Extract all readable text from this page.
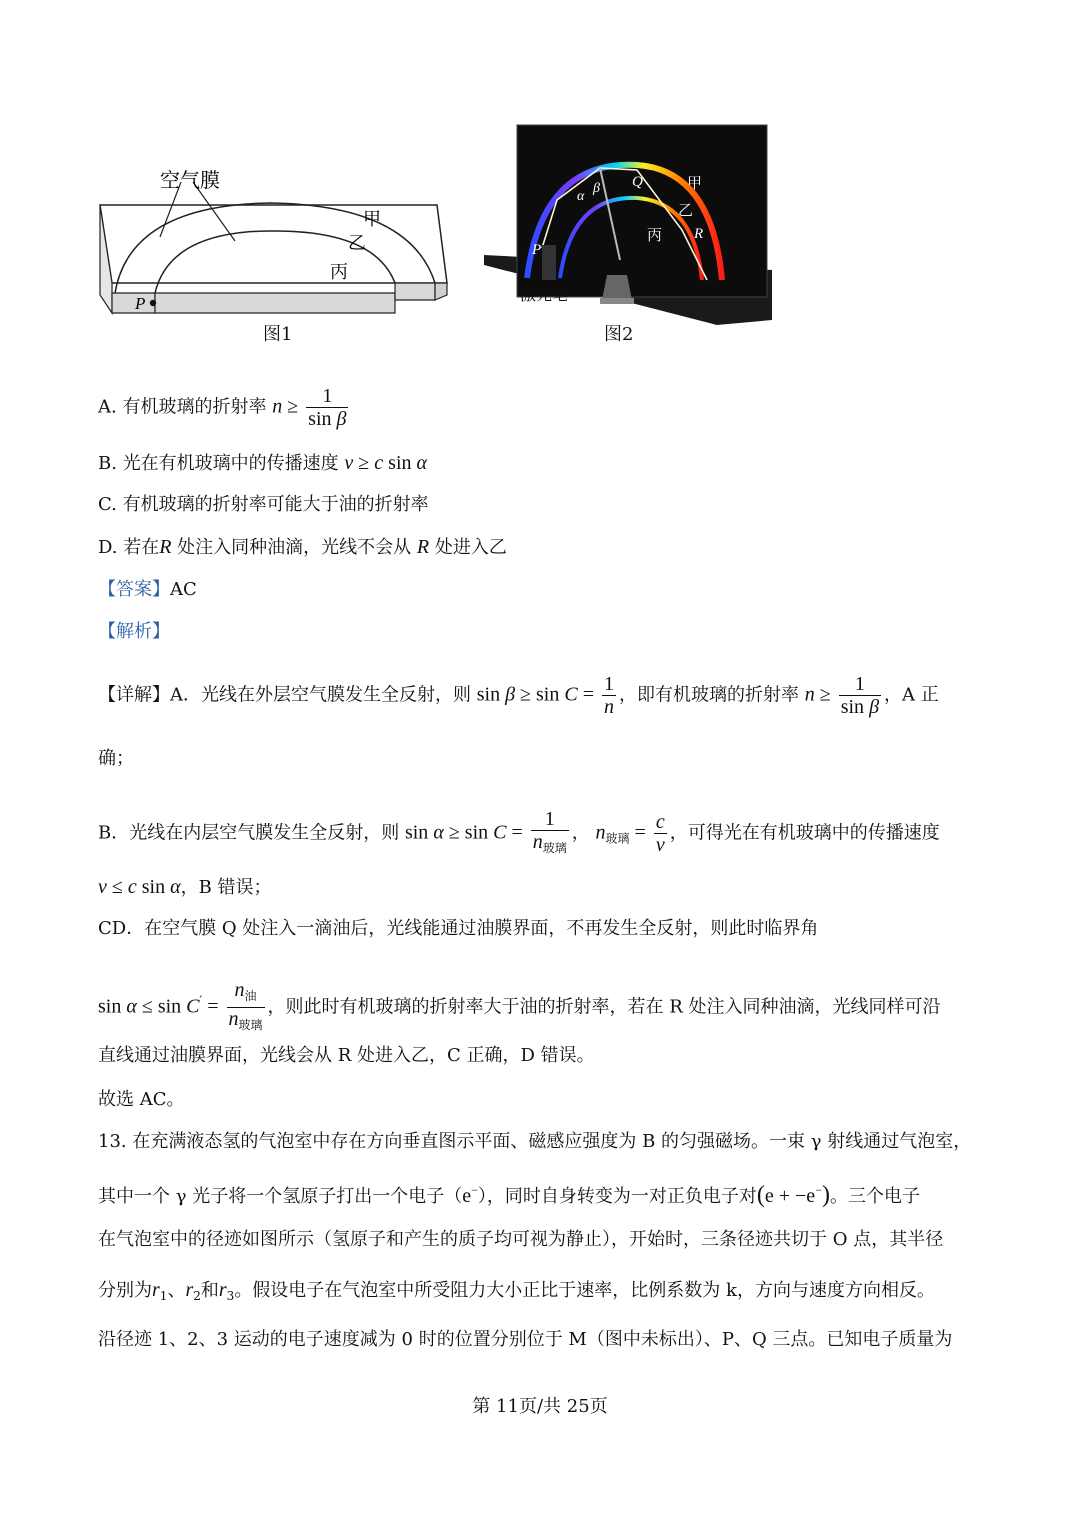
空气膜
甲
乙
丙
P
图1
α
β Q	甲
乙
丙 R
P
激光笔
图2
A. 有机玻璃的折射率 $n \ge \frac{1}{\text{sin β}}$
B. 光在有机玻璃中的传播速度 v ≥ c sin α
C. 有机玻璃的折射率可能大于油的折射率
D. 若在R 处注入同种油滴，光线不会从 R 处进入乙
【答案】AC
【解析】
【详解】A．光线在外层空气膜发生全反射，则 $\sin \beta \ge \sin C = \frac{1}{n}$ ，即有机玻璃的折射率 $n \ge \frac{1}{\text{sin β}}$ ，A 正
确；
B．光线在内层空气膜发生全反射，则 $\sin \alpha \ge \sin C = \frac{1}{n_{玻璃}}$ ， $n_{玻璃} = \frac{c}{v}$ ，可得光在有机玻璃中的传播速度
v ≤ c sin α，B 错误；
CD．在空气膜 Q 处注入一滴油后，光线能通过油膜界面，不再发生全反射，则此时临界角
$\sin \alpha \le \sin C' = \frac{n_油}{n_{玻璃}}$ ，则此时有机玻璃的折射率大于油的折射率，若在 R 处注入同种油滴，光线同样可沿
直线通过油膜界面，光线会从 R 处进入乙，C 正确，D 错误。
故选 AC。
13. 在充满液态氢的气泡室中存在方向垂直图示平面、磁感应强度为 B 的匀强磁场。一束 γ 射线通过气泡室，
其中一个 γ 光子将一个氢原子打出一个电子（e−），同时自身转变为一对正负电子对(e + −e−)。三个电子
在气泡室中的径迹如图所示（氢原子和产生的质子均可视为静止），开始时，三条径迹共切于 O 点，其半径
分别为$r_1$、$r_2$和$r_3$。假设电子在气泡室中所受阻力大小正比于速率，比例系数为 k，方向与速度方向相反。
沿径迹 1、2、3 运动的电子速度减为 0 时的位置分别位于 M（图中未标出）、P、Q 三点。已知电子质量为
第 11页/共 25页
